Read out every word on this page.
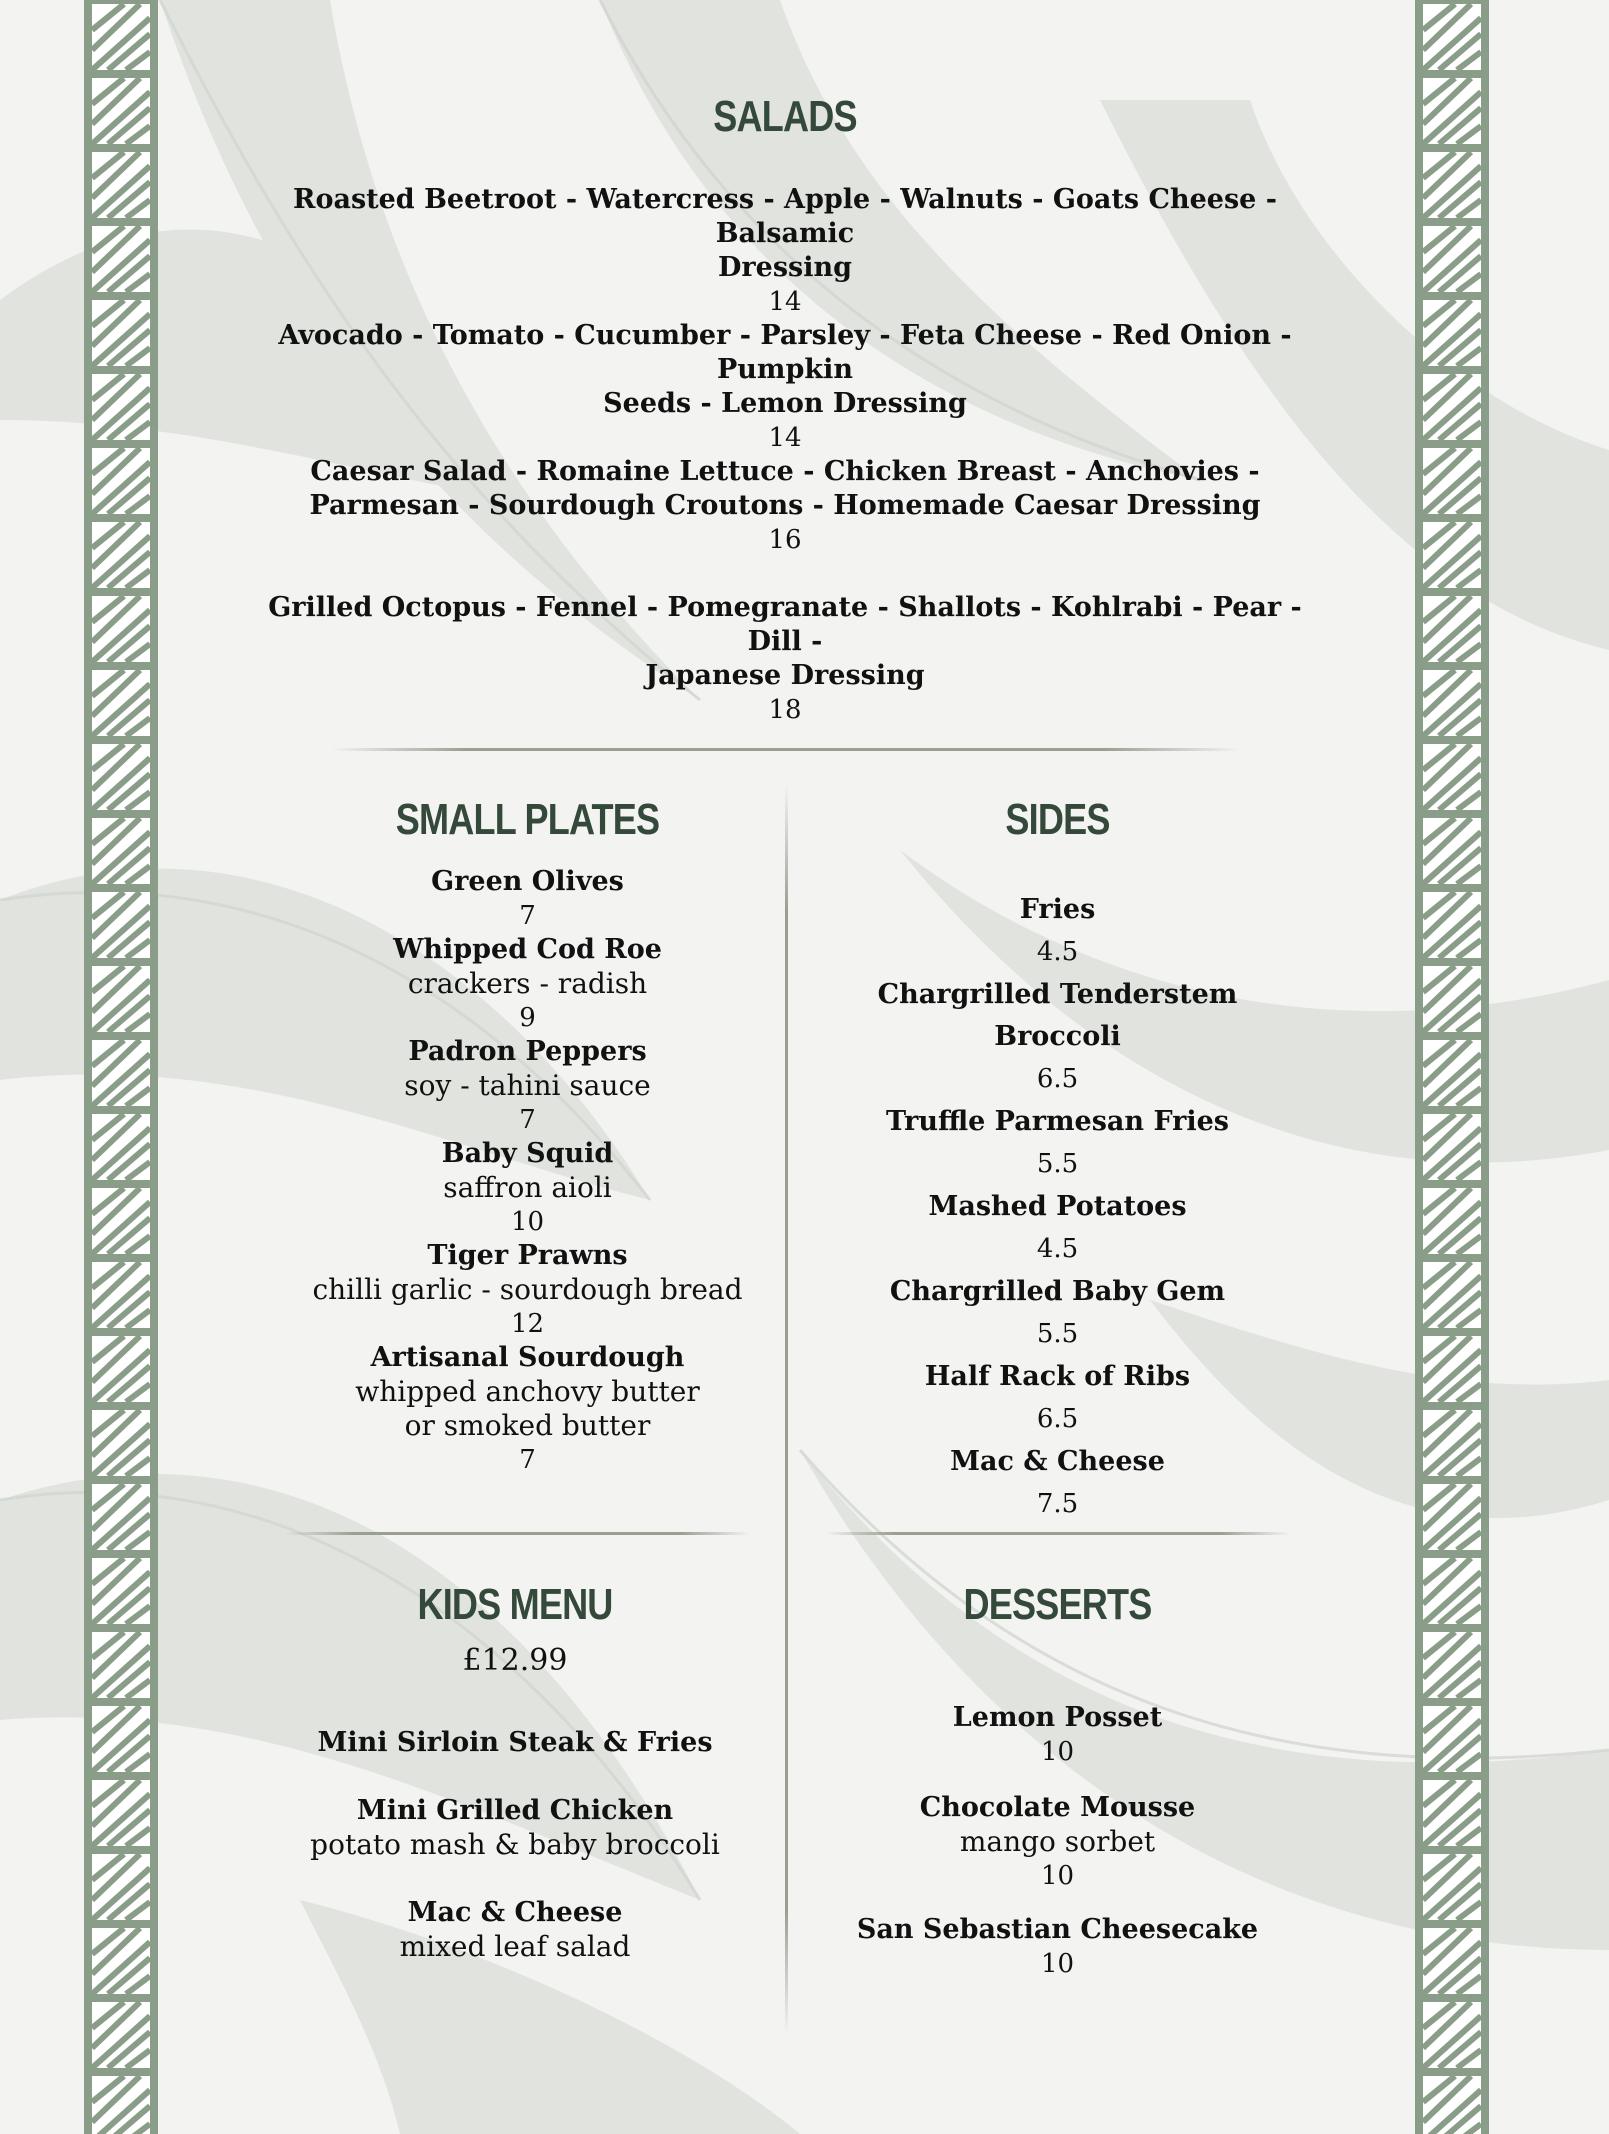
SALADS
Roasted Beetroot - Watercress - Apple - Walnuts - Goats Cheese - Balsamic
Dressing
14
Avocado - Tomato - Cucumber - Parsley - Feta Cheese - Red Onion - Pumpkin
Seeds - Lemon Dressing
14
Caesar Salad - Romaine Lettuce - Chicken Breast - Anchovies -
Parmesan - Sourdough Croutons - Homemade Caesar Dressing
16
Grilled Octopus - Fennel - Pomegranate - Shallots - Kohlrabi - Pear - Dill -
Japanese Dressing
18
SMALL PLATES
Green Olives
7
Whipped Cod Roe
crackers - radish
9
Padron Peppers
soy - tahini sauce
7
Baby Squid
saffron aioli
10
Tiger Prawns
chilli garlic - sourdough bread
12
Artisanal Sourdough
whipped anchovy butter
or smoked butter
7
SIDES
Fries
4.5
Chargrilled Tenderstem Broccoli
6.5
Truffle Parmesan Fries
5.5
Mashed Potatoes
4.5
Chargrilled Baby Gem
5.5
Half Rack of Ribs
6.5
Mac & Cheese
7.5
KIDS MENU
£12.99
Mini Sirloin Steak & Fries
Mini Grilled Chicken
potato mash & baby broccoli
Mac & Cheese
mixed leaf salad
DESSERTS
Lemon Posset
10
Chocolate Mousse
mango sorbet
10
San Sebastian Cheesecake
10
